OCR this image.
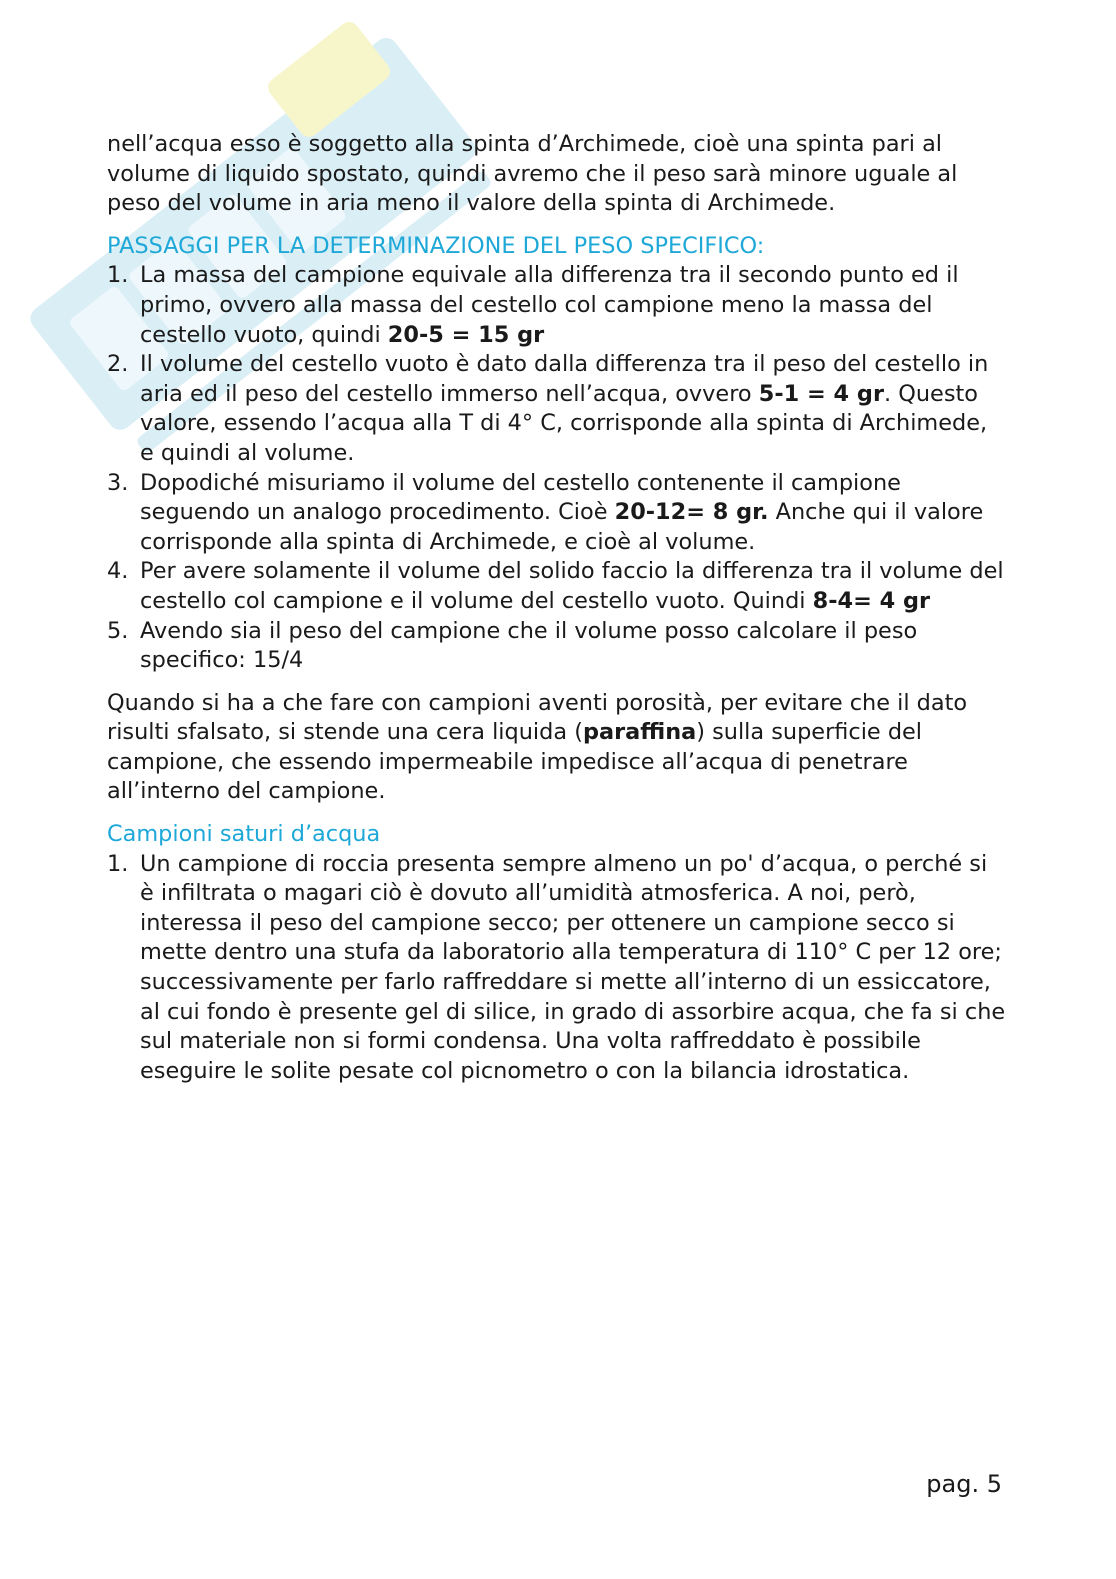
nell’acqua esso è soggetto alla spinta d’Archimede, cioè una spinta pari al volume di liquido spostato, quindi avremo che il peso sarà minore uguale al peso del volume in aria meno il valore della spinta di Archimede.

PASSAGGI PER LA DETERMINAZIONE DEL PESO SPECIFICO:

1. La massa del campione equivale alla differenza tra il secondo punto ed il primo, ovvero alla massa del cestello col campione meno la massa del cestello vuoto, quindi 20-5 = 15 gr
2. Il volume del cestello vuoto è dato dalla differenza tra il peso del cestello in aria ed il peso del cestello immerso nell’acqua, ovvero 5-1 = 4 gr. Questo valore, essendo l’acqua alla T di 4° C, corrisponde alla spinta di Archimede, e quindi al volume.
3. Dopodiché misuriamo il volume del cestello contenente il campione seguendo un analogo procedimento. Cioè 20-12= 8 gr. Anche qui il valore corrisponde alla spinta di Archimede, e cioè al volume.
4. Per avere solamente il volume del solido faccio la differenza tra il volume del cestello col campione e il volume del cestello vuoto. Quindi 8-4= 4 gr
5. Avendo sia il peso del campione che il volume posso calcolare il peso specifico: 15/4

Quando si ha a che fare con campioni aventi porosità, per evitare che il dato risulti sfalsato, si stende una cera liquida (paraffina) sulla superficie del campione, che essendo impermeabile impedisce all’acqua di penetrare all’interno del campione.

Campioni saturi d’acqua

1. Un campione di roccia presenta sempre almeno un po' d’acqua, o perché si è infiltrata o magari ciò è dovuto all’umidità atmosferica. A noi, però, interessa il peso del campione secco; per ottenere un campione secco si mette dentro una stufa da laboratorio alla temperatura di 110° C per 12 ore; successivamente per farlo raffreddare si mette all’interno di un essiccatore, al cui fondo è presente gel di silice, in grado di assorbire acqua, che fa si che sul materiale non si formi condensa. Una volta raffreddato è possibile eseguire le solite pesate col picnometro o con la bilancia idrostatica.
pag. 5
